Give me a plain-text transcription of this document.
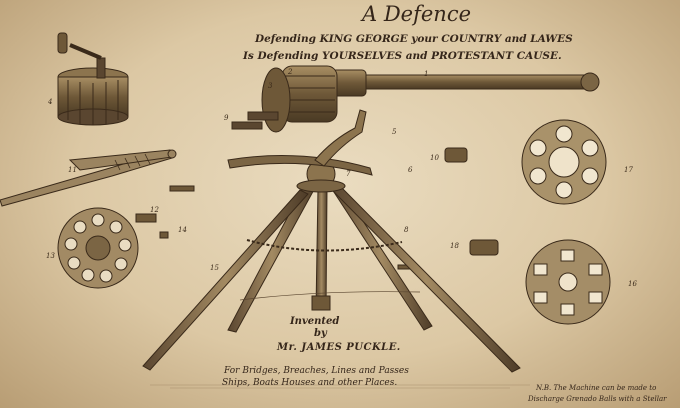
1
2
3
4
5
6
7
8
9
10
11
12
13
14
15
16
17
18
A Defence
Defending KING GEORGE your COUNTRY and LAWES
Is Defending YOURSELVES and PROTESTANT CAUSE.
Invented
by
Mr. JAMES PUCKLE.
For Bridges, Breaches, Lines and Passes
Ships, Boats Houses and other Places.	N.B. The Machine can be made to
Discharge Grenado Balls with a Stellar
